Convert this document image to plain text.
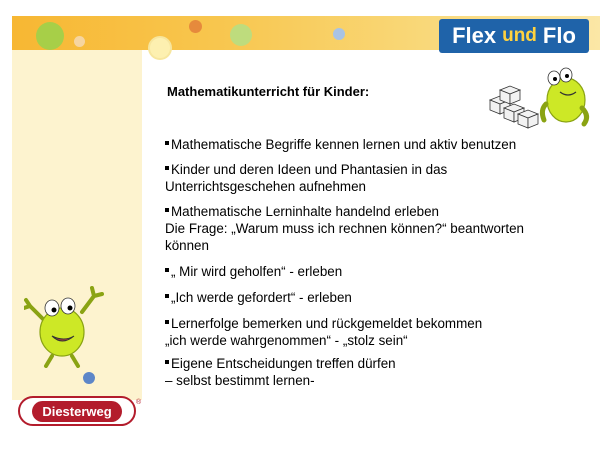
Flex und Flo
Mathematikunterricht für Kinder:
Mathematische Begriffe kennen lernen und aktiv benutzen
Kinder und deren Ideen und Phantasien in das
Unterrichtsgeschehen aufnehmen
Mathematische Lerninhalte handelnd erleben
Die Frage: „Warum muss ich rechnen können?“ beantworten
können
„ Mir wird geholfen“ - erleben
„Ich werde gefordert“ - erleben
Lernerfolge bemerken und rückgemeldet bekommen
„ich werde wahrgenommen“ - „stolz sein“
Eigene Entscheidungen treffen dürfen
– selbst bestimmt lernen-
Diesterweg
®
